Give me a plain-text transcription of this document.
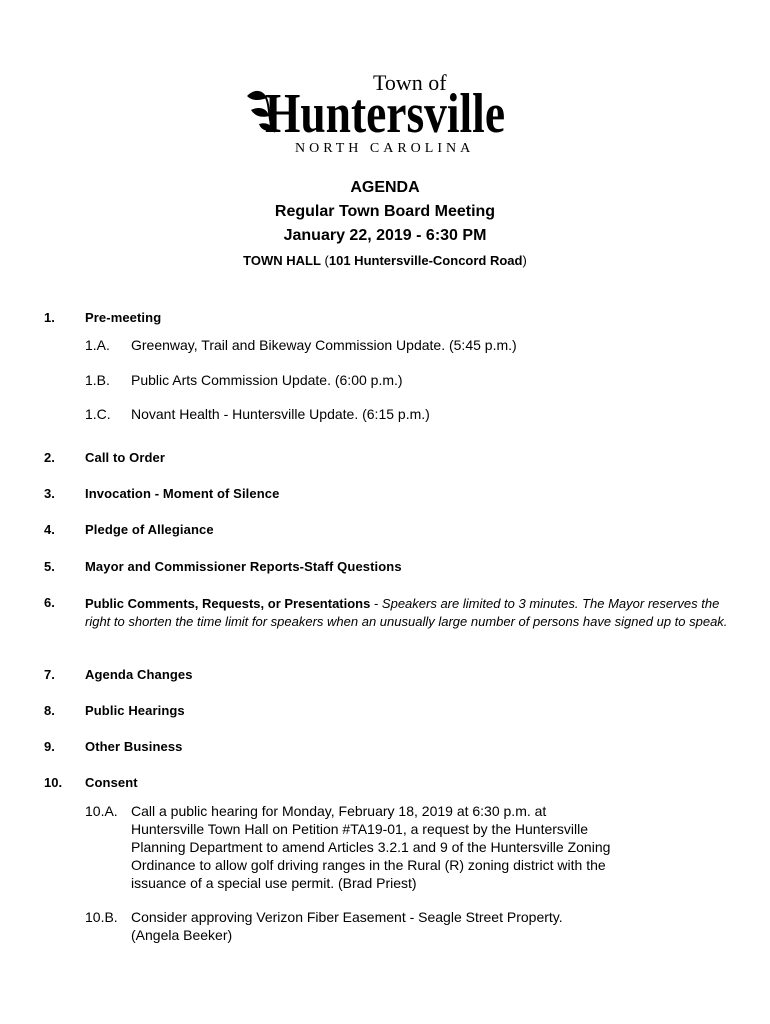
Town of
Huntersville
NORTH CAROLINA
AGENDA
Regular Town Board Meeting
January 22, 2019 - 6:30 PM
TOWN HALL (101 Huntersville-Concord Road)
1. Pre-meeting
1.A. Greenway, Trail and Bikeway Commission Update. (5:45 p.m.)
1.B. Public Arts Commission Update. (6:00 p.m.)
1.C. Novant Health - Huntersville Update. (6:15 p.m.)
2. Call to Order
3. Invocation - Moment of Silence
4. Pledge of Allegiance
5. Mayor and Commissioner Reports-Staff Questions
6. Public Comments, Requests, or Presentations - Speakers are limited to 3 minutes. The Mayor reserves the right to shorten the time limit for speakers when an unusually large number of persons have signed up to speak.
7. Agenda Changes
8. Public Hearings
9. Other Business
10. Consent
10.A. Call a public hearing for Monday, February 18, 2019 at 6:30 p.m. at
Huntersville Town Hall on Petition #TA19-01, a request by the Huntersville
Planning Department to amend Articles 3.2.1 and 9 of the Huntersville Zoning
Ordinance to allow golf driving ranges in the Rural (R) zoning district with the
issuance of a special use permit. (Brad Priest)
10.B. Consider approving Verizon Fiber Easement - Seagle Street Property.
(Angela Beeker)
